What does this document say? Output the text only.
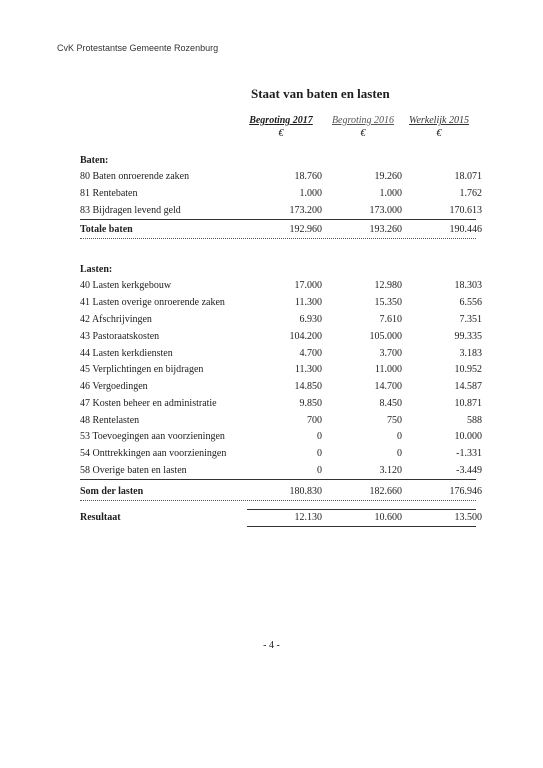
CvK Protestantse Gemeente Rozenburg
Staat van baten en lasten
Begroting 2017	Begroting 2016	Werkelijk 2015
€	€	€
Baten:
80 Baten onroerende zaken	18.760	19.260	18.071
81 Rentebaten	1.000	1.000	1.762
83 Bijdragen levend geld	173.200	173.000	170.613
Totale baten	192.960	193.260	190.446
Lasten:
40 Lasten kerkgebouw	17.000	12.980	18.303
41 Lasten overige onroerende zaken	11.300	15.350	6.556
42 Afschrijvingen	6.930	7.610	7.351
43 Pastoraatskosten	104.200	105.000	99.335
44 Lasten kerkdiensten	4.700	3.700	3.183
45 Verplichtingen en bijdragen	11.300	11.000	10.952
46 Vergoedingen	14.850	14.700	14.587
47 Kosten beheer en administratie	9.850	8.450	10.871
48 Rentelasten	700	750	588
53 Toevoegingen aan voorzieningen	0	0	10.000
54 Onttrekkingen aan voorzieningen	0	0	-1.331
58 Overige baten en lasten	0	3.120	-3.449
Som der lasten	180.830	182.660	176.946
Resultaat	12.130	10.600	13.500
- 4 -
